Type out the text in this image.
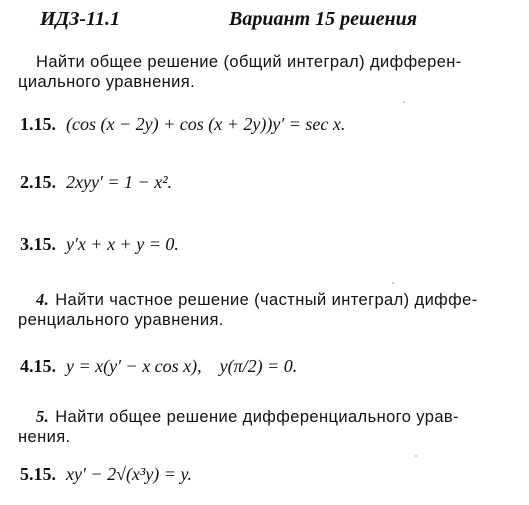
ИДЗ-11.1	Вариант 15 решения
Найти общее решение (общий интеграл) дифферен-
циального уравнения.
1.15. (cos (x − 2y) + cos (x + 2y))y′ = sec x.
2.15. 2xyy′ = 1 − x².
3.15. y′x + x + y = 0.
4. Найти частное решение (частный интеграл) диффе-
ренциального уравнения.
4.15. y = x(y′ − x cos x),    y(π/2) = 0.
5. Найти общее решение дифференциального урав-
нения.
5.15. xy′ − 2√(x³y) = y.
